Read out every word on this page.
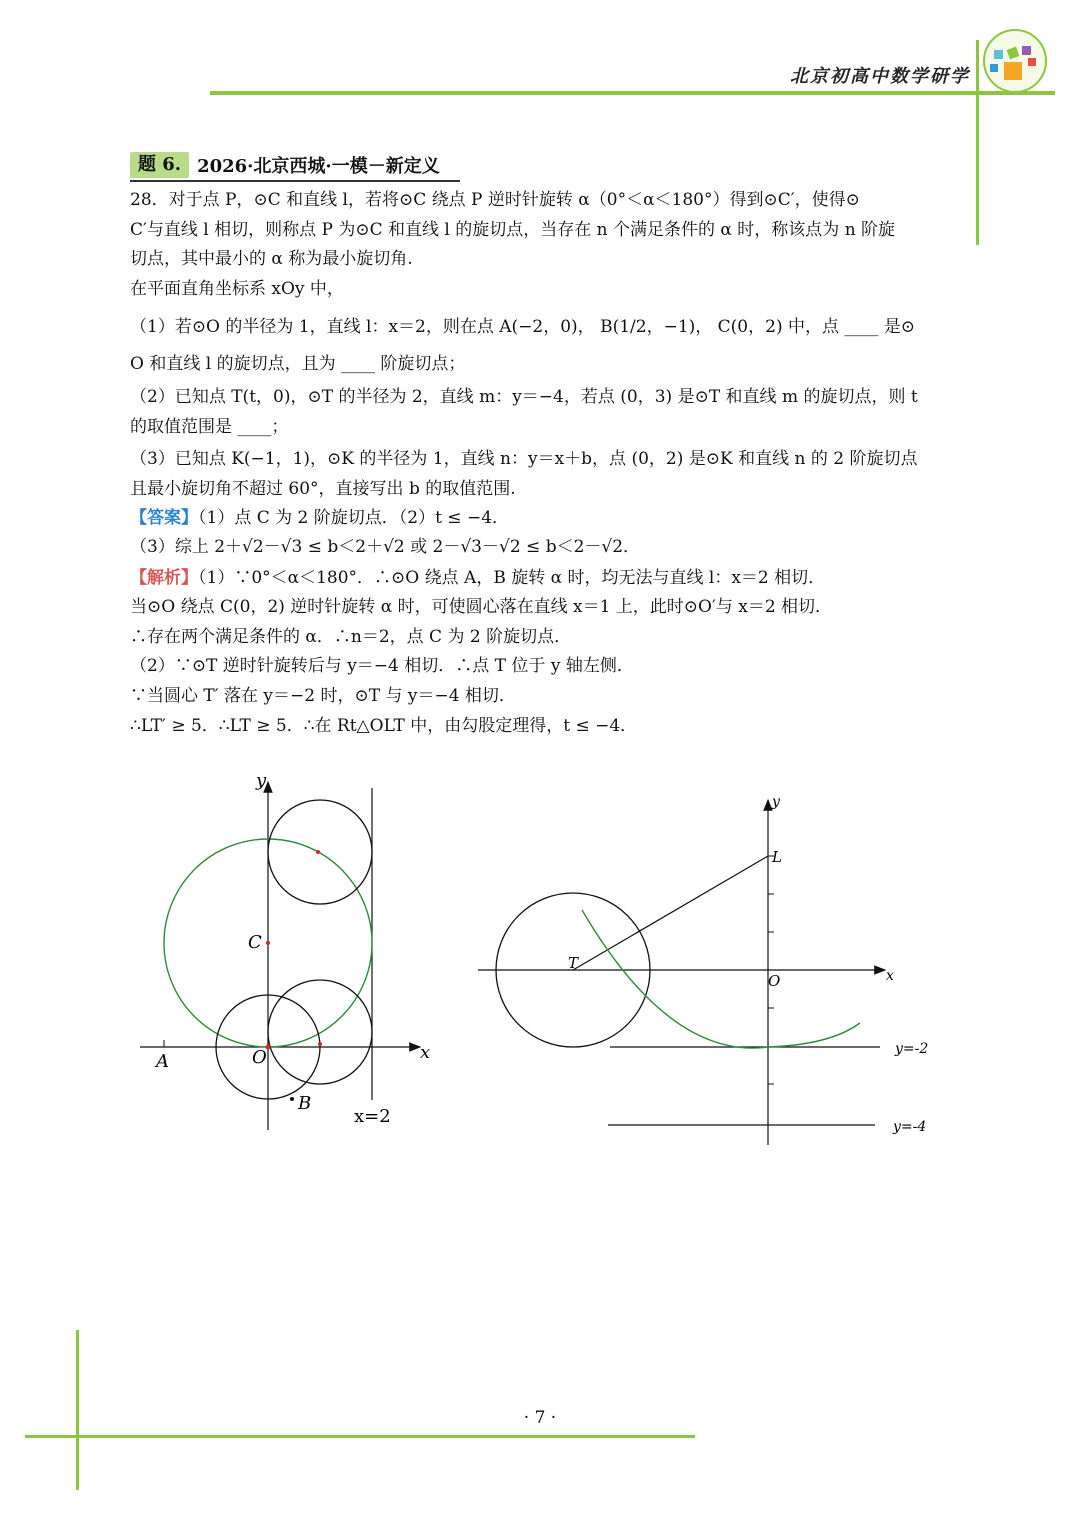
北京初高中数学研学
题 6. 2026·北京西城·一模－新定义
28．对于点 P，⊙C 和直线 l，若将⊙C 绕点 P 逆时针旋转 α（0°＜α＜180°）得到⊙C′，使得⊙
C′与直线 l 相切，则称点 P 为⊙C 和直线 l 的旋切点，当存在 n 个满足条件的 α 时，称该点为 n 阶旋
切点，其中最小的 α 称为最小旋切角.
在平面直角坐标系 xOy 中，
（1）若⊙O 的半径为 1，直线 l：x＝2，则在点 A(−2，0)， B(1/2，−1)， C(0，2) 中，点 ____ 是⊙
O 和直线 l 的旋切点，且为 ____ 阶旋切点；
（2）已知点 T(t，0)，⊙T 的半径为 2，直线 m：y＝−4，若点 (0，3) 是⊙T 和直线 m 的旋切点，则 t
的取值范围是 ____；
（3）已知点 K(−1，1)，⊙K 的半径为 1，直线 n：y＝x＋b，点 (0，2) 是⊙K 和直线 n 的 2 阶旋切点
且最小旋切角不超过 60°，直接写出 b 的取值范围.
【答案】（1）点 C 为 2 阶旋切点．（2）t ≤ −4．
（3）综上 2＋√2－√3 ≤ b＜2＋√2 或 2－√3－√2 ≤ b＜2－√2．
【解析】（1）∵0°＜α＜180°．∴⊙O 绕点 A，B 旋转 α 时，均无法与直线 l：x＝2 相切．
当⊙O 绕点 C(0，2) 逆时针旋转 α 时，可使圆心落在直线 x＝1 上，此时⊙O′与 x＝2 相切．
∴存在两个满足条件的 α．∴n＝2，点 C 为 2 阶旋切点．
（2）∵⊙T 逆时针旋转后与 y＝−4 相切．∴点 T 位于 y 轴左侧．
∵当圆心 T′ 落在 y＝−2 时，⊙T 与 y＝−4 相切．
∴LT′ ≥ 5．∴LT ≥ 5．∴在 Rt△OLT 中，由勾股定理得，t ≤ −4．
y
x
C
A	O
B
x=2
y
x
L
T
O
y=-2
y=-4
· 7 ·
